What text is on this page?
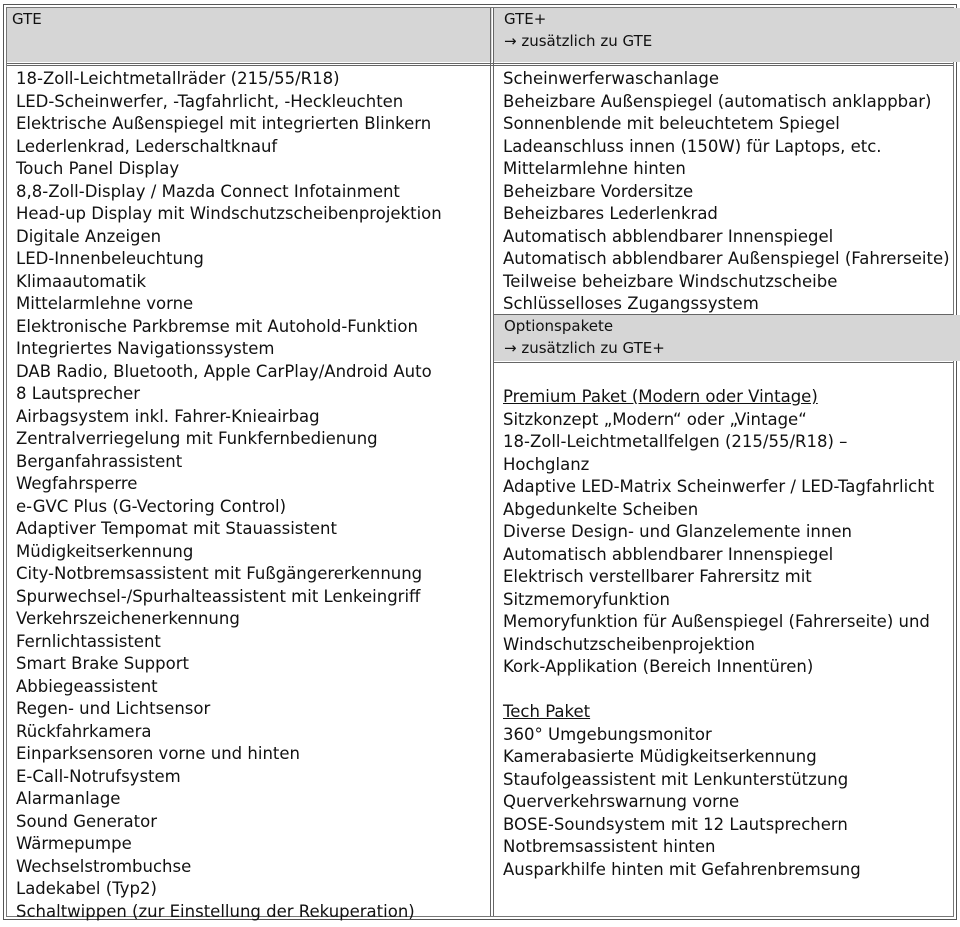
GTE	GTE+
→ zusätzlich zu GTE
18-Zoll-Leichtmetallräder (215/55/R18)
LED-Scheinwerfer, -Tagfahrlicht, -Heckleuchten
Elektrische Außenspiegel mit integrierten Blinkern
Lederlenkrad, Lederschaltknauf
Touch Panel Display
8,8-Zoll-Display / Mazda Connect Infotainment
Head-up Display mit Windschutzscheibenprojektion
Digitale Anzeigen
LED-Innenbeleuchtung
Klimaautomatik
Mittelarmlehne vorne
Elektronische Parkbremse mit Autohold-Funktion
Integriertes Navigationssystem
DAB Radio, Bluetooth, Apple CarPlay/Android Auto
8 Lautsprecher
Airbagsystem inkl. Fahrer-Knieairbag
Zentralverriegelung mit Funkfernbedienung
Berganfahrassistent
Wegfahrsperre
e-GVC Plus (G-Vectoring Control)
Adaptiver Tempomat mit Stauassistent
Müdigkeitserkennung
City-Notbremsassistent mit Fußgängererkennung
Spurwechsel-/Spurhalteassistent mit Lenkeingriff
Verkehrszeichenerkennung
Fernlichtassistent
Smart Brake Support
Abbiegeassistent
Regen- und Lichtsensor
Rückfahrkamera
Einparksensoren vorne und hinten
E-Call-Notrufsystem
Alarmanlage
Sound Generator
Wärmepumpe
Wechselstrombuchse
Ladekabel (Typ2)
Schaltwippen (zur Einstellung der Rekuperation)
Scheinwerferwaschanlage
Beheizbare Außenspiegel (automatisch anklappbar)
Sonnenblende mit beleuchtetem Spiegel
Ladeanschluss innen (150W) für Laptops, etc.
Mittelarmlehne hinten
Beheizbare Vordersitze
Beheizbares Lederlenkrad
Automatisch abblendbarer Innenspiegel
Automatisch abblendbarer Außenspiegel (Fahrerseite)
Teilweise beheizbare Windschutzscheibe
Schlüsselloses Zugangssystem
Optionspakete
→ zusätzlich zu GTE+
Premium Paket (Modern oder Vintage)
Sitzkonzept „Modern“ oder „Vintage“
18-Zoll-Leichtmetallfelgen (215/55/R18) –
Hochglanz
Adaptive LED-Matrix Scheinwerfer / LED-Tagfahrlicht
Abgedunkelte Scheiben
Diverse Design- und Glanzelemente innen
Automatisch abblendbarer Innenspiegel
Elektrisch verstellbarer Fahrersitz mit
Sitzmemoryfunktion
Memoryfunktion für Außenspiegel (Fahrerseite) und
Windschutzscheibenprojektion
Kork-Applikation (Bereich Innentüren)
Tech Paket
360° Umgebungsmonitor
Kamerabasierte Müdigkeitserkennung
Staufolgeassistent mit Lenkunterstützung
Querverkehrswarnung vorne
BOSE-Soundsystem mit 12 Lautsprechern
Notbremsassistent hinten
Ausparkhilfe hinten mit Gefahrenbremsung
